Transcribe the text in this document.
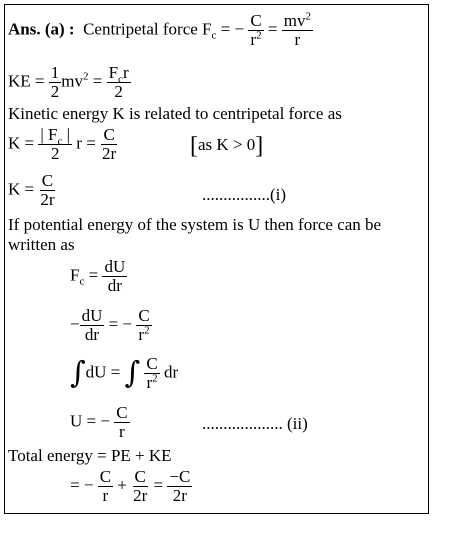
Ans. (a) : Centripetal force $F_c$ = − $\frac{C}{r^2} = \frac{mv^2}{r}$
KE = $\frac{1}{2} mv^2 = \frac{F_cr}{2}$
Kinetic energy K is related to centripetal force as
$K = \frac{| F_c |}{2}$ $r = \frac{C}{2r}$	[as K > 0]
$K = \frac{C}{2r}$	................(i)
If potential energy of the system is U then force can be written as
$F_c = \frac{dU}{dr}$
− $\frac{dU}{dr}$ = − $\frac{C}{r^2}$
∫dU = ∫ $\frac{C}{r^2}$ dr
U = − $\frac{C}{r}$	................... (ii)
Total energy = PE + KE
= − $\frac{C}{r} + \frac{C}{2r} = \frac{-C}{2r}$
